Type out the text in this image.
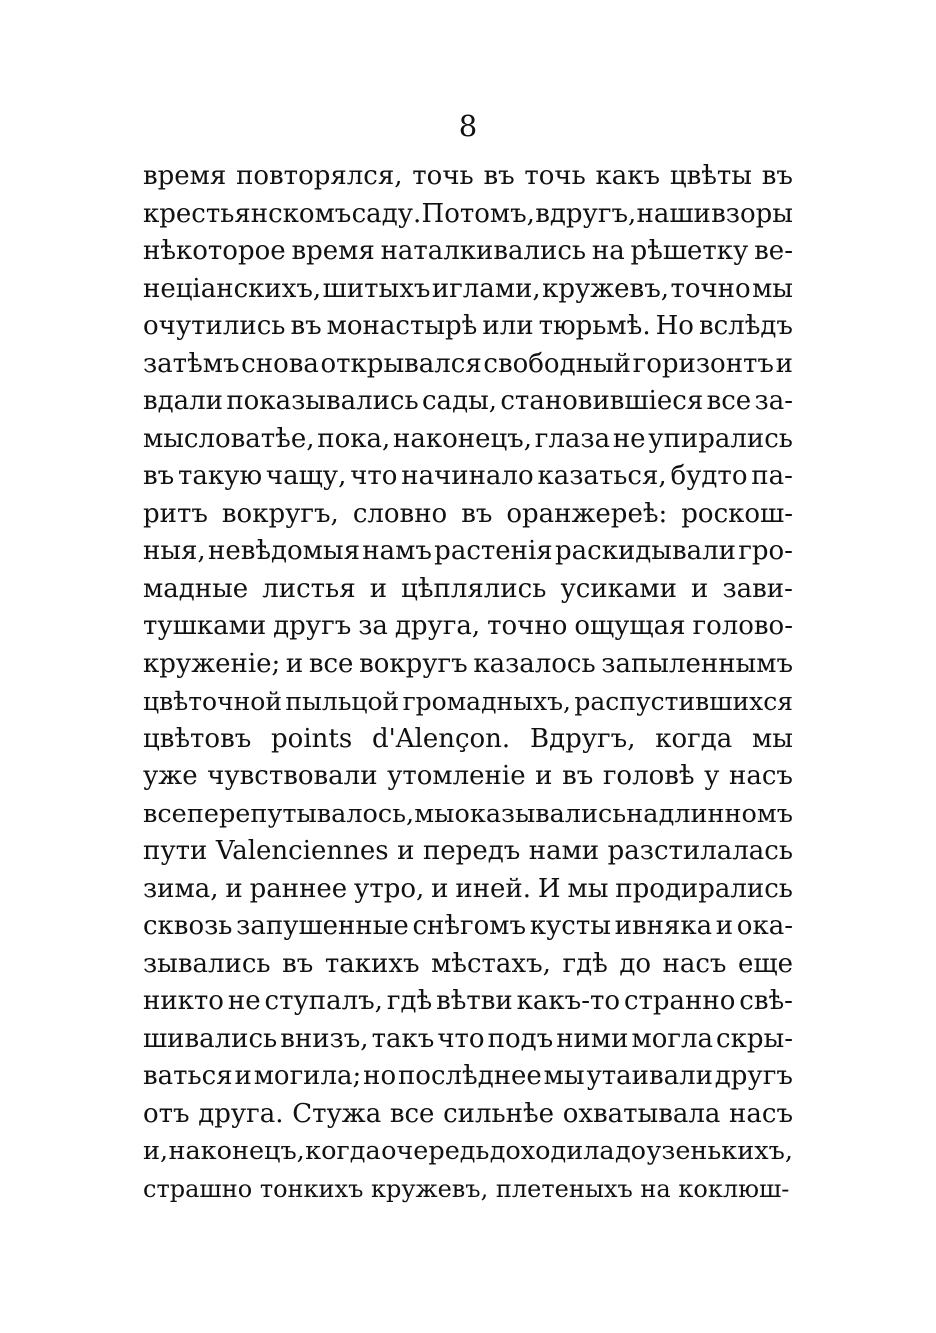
8
время повторялся, точь въ точь какъ цвѣты въ
крестьянскомъ саду. Потомъ, вдругъ, наши взоры
нѣкоторое время наталкивались на рѣшетку ве-
неціанскихъ, шитыхъ иглами, кружевъ, точно мы
очутились въ монастырѣ или тюрьмѣ. Но вслѣдъ
затѣмъ снова открывался свободный горизонтъ и
вдали показывались сады, становившіеся все за-
мысловатѣе, пока, наконецъ, глаза не упирались
въ такую чащу, что начинало казаться, будто па-
ритъ вокругъ, словно въ оранжереѣ: роскош-
ныя, невѣдомыя намъ растенія раскидывали гро-
мадные листья и цѣплялись усиками и зави-
тушками другъ за друга, точно ощущая голово-
круженіе; и все вокругъ казалось запыленнымъ
цвѣточной пыльцой громадныхъ, распустившихся
цвѣтовъ points d'Alençon. Вдругъ, когда мы
уже чувствовали утомленіе и въ головѣ у насъ
все перепутывалось, мы оказывались на длинномъ
пути Valenciennes и передъ нами разстилалась
зима, и раннее утро, и иней. И мы продирались
сквозь запушенные снѣгомъ кусты ивняка и ока-
зывались въ такихъ мѣстахъ, гдѣ до насъ еще
никто не ступалъ, гдѣ вѣтви какъ-то странно свѣ-
шивались внизъ, такъ что подъ ними могла скры-
ваться и могила; но послѣднее мы утаивали другъ
отъ друга. Стужа все сильнѣе охватывала насъ
и, наконецъ, когда очередь доходила до узенькихъ,
страшно тонкихъ кружевъ, плетеныхъ на коклюш-
